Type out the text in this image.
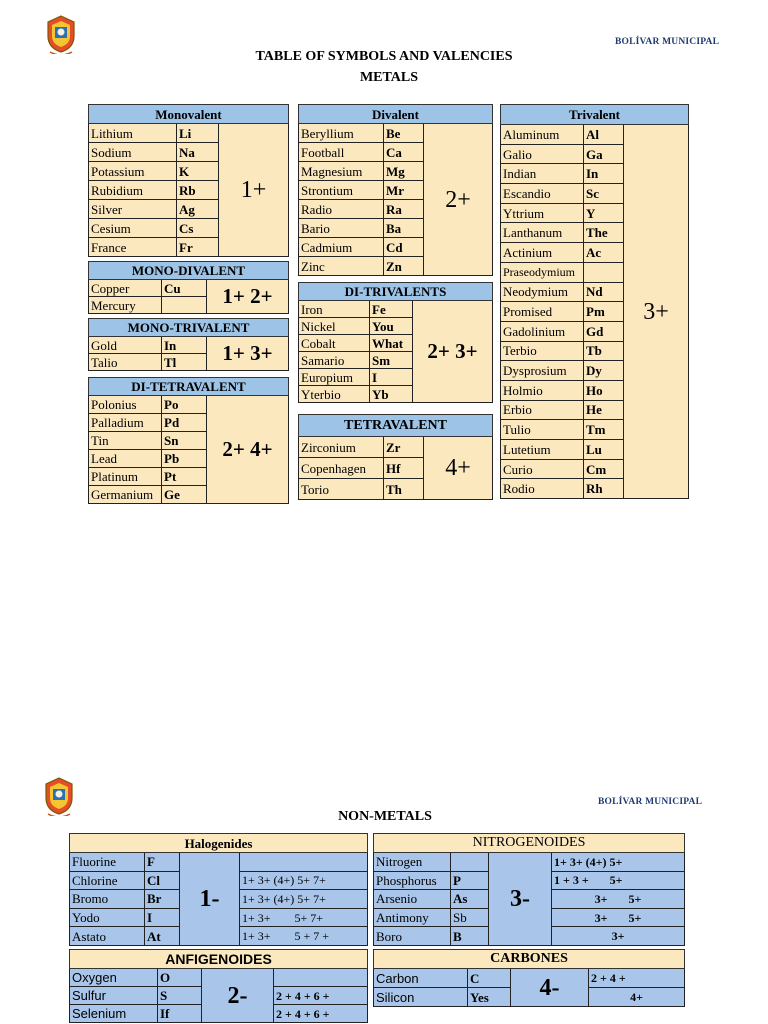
BOLÍVAR MUNICIPAL
TABLE OF SYMBOLS AND VALENCIES
METALS
Monovalent		
Lithium	Li	1+
Sodium	Na	
Potassium	K	
Rubidium	Rb	
Silver	Ag	
Cesium	Cs	
France	Fr	
MONO-DIVALENT		
Copper	Cu	1+ 2+
Mercury		
MONO-TRIVALENT		
Gold	In	1+ 3+
Talio	Tl	
DI-TETRAVALENT		
Polonius	Po	2+ 4+
Palladium	Pd	
Tin	Sn	
Lead	Pb	
Platinum	Pt	
Germanium	Ge	
Divalent		
Beryllium	Be	2+
Football	Ca	
Magnesium	Mg	
Strontium	Mr	
Radio	Ra	
Bario	Ba	
Cadmium	Cd	
Zinc	Zn	
DI-TRIVALENTS		
Iron	Fe	2+ 3+
Nickel	You	
Cobalt	What	
Samario	Sm	
Europium	I	
Yterbio	Yb	
TETRAVALENT		
Zirconium	Zr	4+
Copenhagen	Hf	
Torio	Th	
Trivalent		
Aluminum	Al	3+
Galio	Ga	
Indian	In	
Escandio	Sc	
Yttrium	Y	
Lanthanum	The	
Actinium	Ac	
Praseodymium		
Neodymium	Nd	
Promised	Pm	
Gadolinium	Gd	
Terbio	Tb	
Dysprosium	Dy	
Holmio	Ho	
Erbio	He	
Tulio	Tm	
Lutetium	Lu	
Curio	Cm	
Rodio	Rh	
BOLÍVAR MUNICIPAL
NON-METALS
Halogenides			
Fluorine	F	1-	
Chlorine	Cl		1+ 3+ (4+) 5+ 7+
Bromo	Br		1+ 3+ (4+) 5+ 7+
Yodo	I		1+ 3+        5+ 7+
Astato	At		1+ 3+        5 + 7 +
NITROGENOIDES			
Nitrogen		3-	1+ 3+ (4+) 5+
Phosphorus	P		1 + 3 +       5+
Arsenio	As		3+       5+
Antimony	Sb		3+       5+
Boro	B		3+
ANFIGENOIDES			
Oxygen	O	2-	
Sulfur	S		2 + 4 + 6 +
Selenium	If		2 + 4 + 6 +
CARBONES			
Carbon	C	4-	2 + 4 +
Silicon	Yes		4+
